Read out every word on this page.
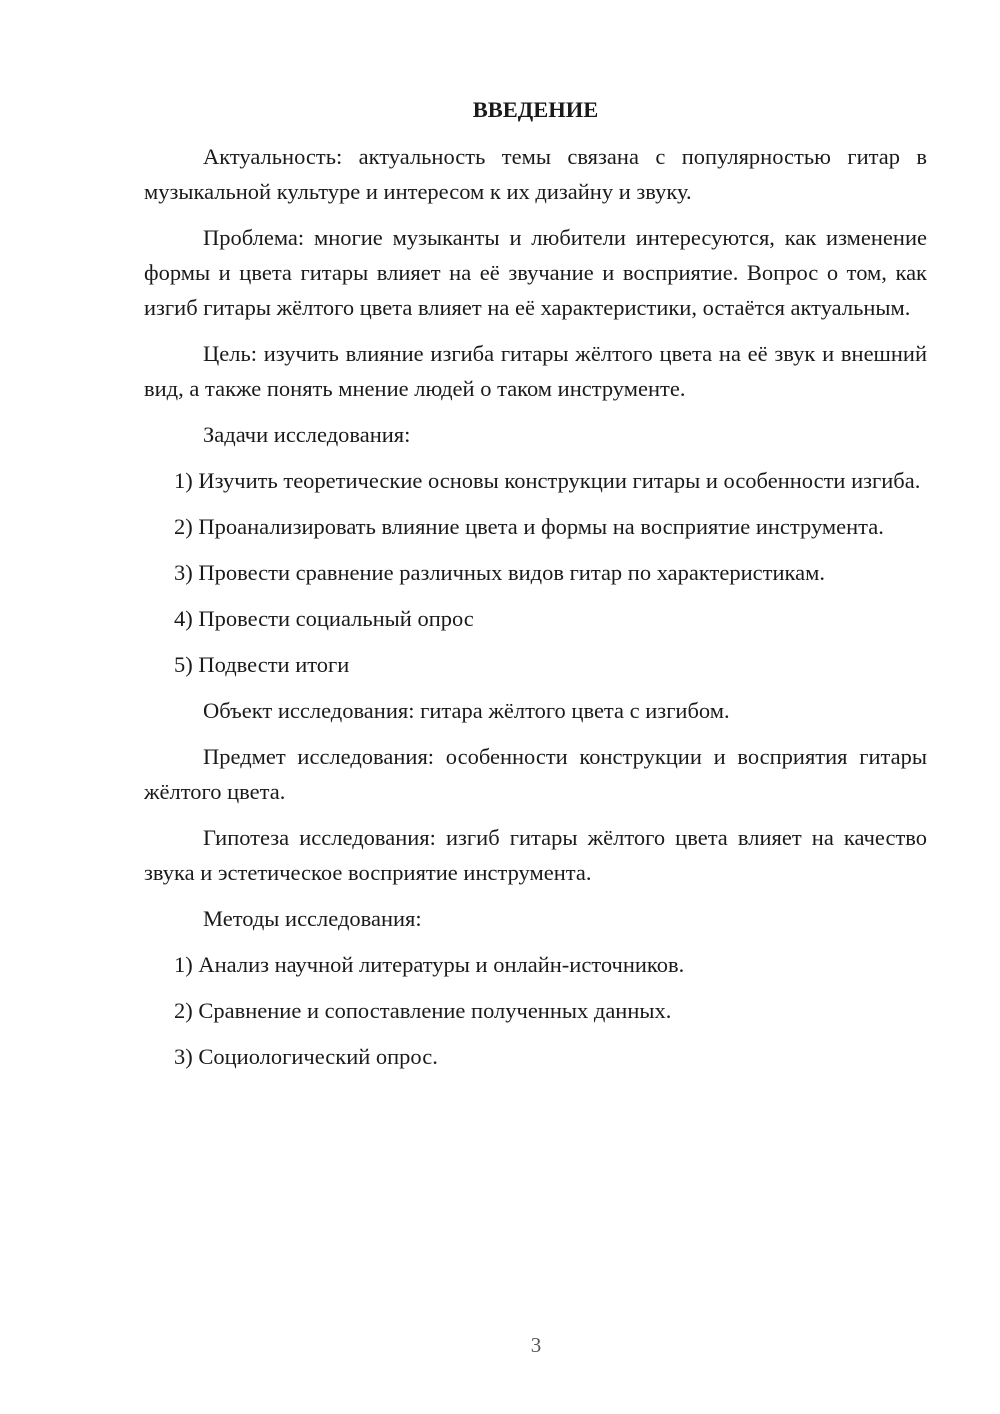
ВВЕДЕНИЕ

Актуальность: актуальность темы связана с популярностью гитар в музыкальной культуре и интересом к их дизайну и звуку.

Проблема: многие музыканты и любители интересуются, как изменение формы и цвета гитары влияет на её звучание и восприятие. Вопрос о том, как изгиб гитары жёлтого цвета влияет на её характеристики, остаётся актуальным.

Цель: изучить влияние изгиба гитары жёлтого цвета на её звук и внешний вид, а также понять мнение людей о таком инструменте.

Задачи исследования:

1) Изучить теоретические основы конструкции гитары и особенности изгиба.

2) Проанализировать влияние цвета и формы на восприятие инструмента.

3) Провести сравнение различных видов гитар по характеристикам.

4) Провести социальный опрос

5) Подвести итоги

Объект исследования: гитара жёлтого цвета с изгибом.

Предмет исследования: особенности конструкции и восприятия гитары жёлтого цвета.

Гипотеза исследования: изгиб гитары жёлтого цвета влияет на качество звука и эстетическое восприятие инструмента.

Методы исследования:

1) Анализ научной литературы и онлайн-источников.

2) Сравнение и сопоставление полученных данных.

3) Социологический опрос.

3
